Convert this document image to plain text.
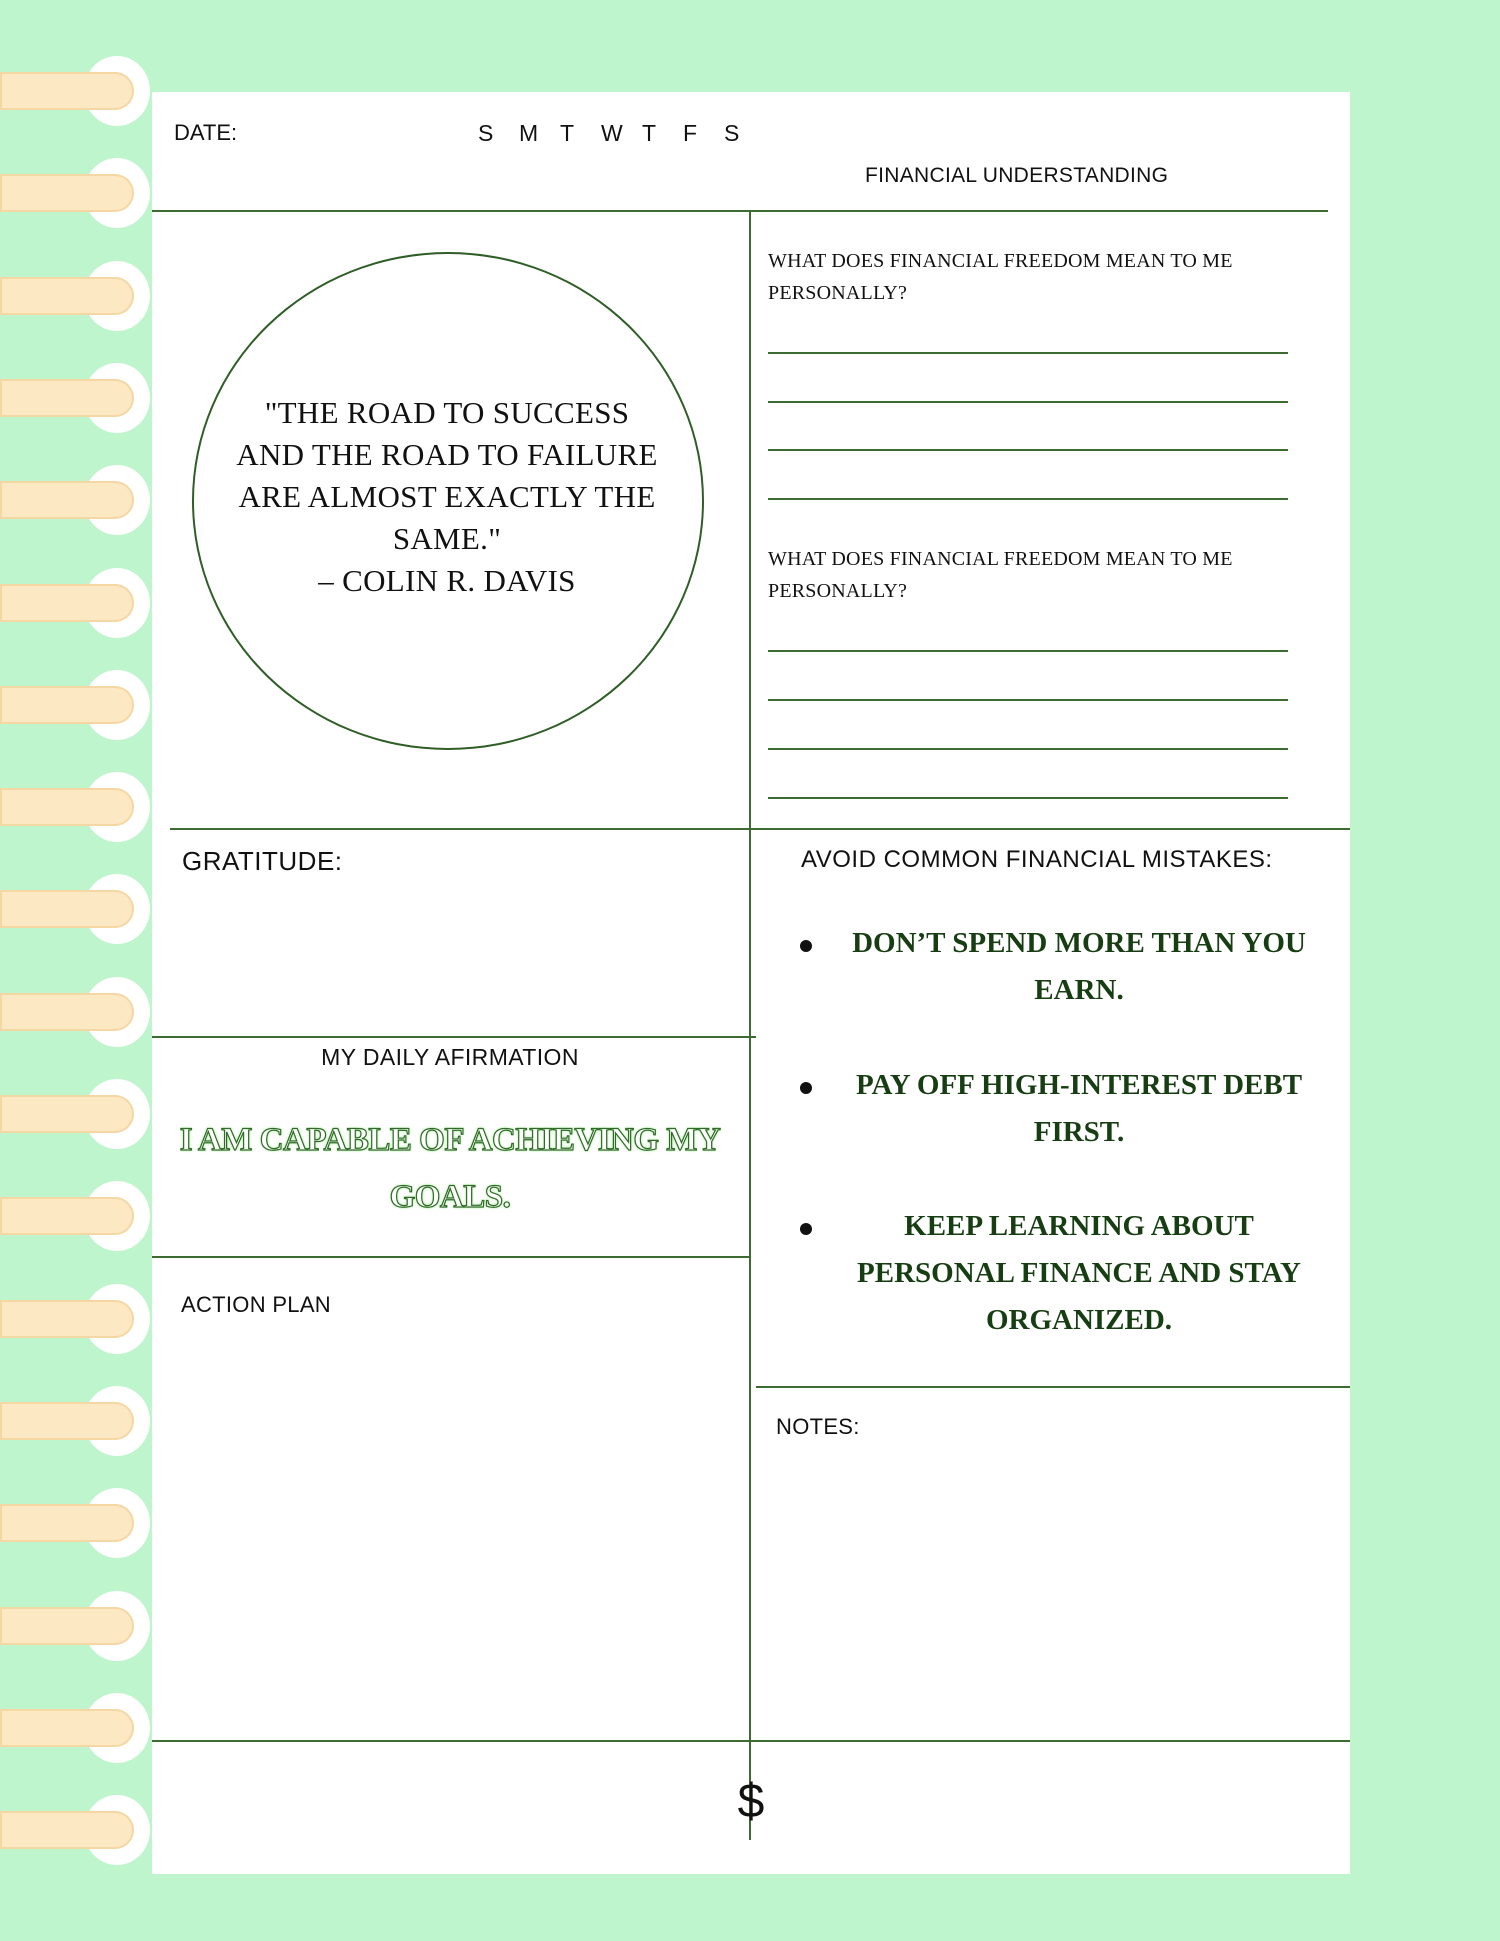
DATE:	S M T W T F S
FINANCIAL UNDERSTANDING
"THE ROAD TO SUCCESS
AND THE ROAD TO FAILURE
ARE ALMOST EXACTLY THE
SAME."
– COLIN R. DAVIS
WHAT DOES FINANCIAL FREEDOM MEAN TO ME
PERSONALLY?
WHAT DOES FINANCIAL FREEDOM MEAN TO ME
PERSONALLY?
GRATITUDE:
MY DAILY AFIRMATION
I AM CAPABLE OF ACHIEVING MY
GOALS.
ACTION PLAN
AVOID COMMON FINANCIAL MISTAKES:
DON’T SPEND MORE THAN YOU
EARN.
PAY OFF HIGH-INTEREST DEBT
FIRST.
KEEP LEARNING ABOUT
PERSONAL FINANCE AND STAY
ORGANIZED.
NOTES:
$
